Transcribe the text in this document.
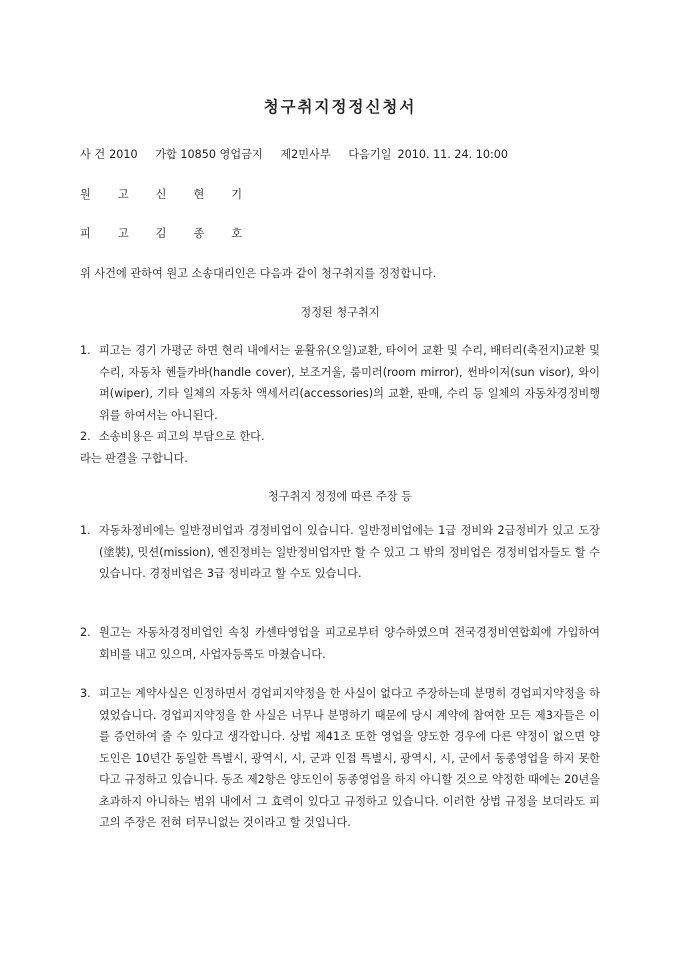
청구취지정정신청서
사 건 2010 가합 10850 영업금지 제2민사부 다음기일 2010. 11. 24. 10:00
원 고 신 현 기
피 고 김 종 호
위 사건에 관하여 원고 소송대리인은 다음과 같이 청구취지를 정정합니다.
정정된 청구취지
1. 피고는 경기 가평군 하면 현리 내에서는 윤활유(오일)교환, 타이어 교환 및 수리, 배터리(축전지)교환 및 수리, 자동차 헨들카바(handle cover), 보조거울, 룸미러(room mirror), 썬바이저(sun visor), 와이퍼(wiper), 기타 일체의 자동차 액세서리(accessories)의 교환, 판매, 수리 등 일체의 자동차경정비행위를 하여서는 아니된다.
2. 소송비용은 피고의 부담으로 한다.
라는 판결을 구합니다.
청구취지 정정에 따른 주장 등
1. 자동차정비에는 일반정비업과 경정비업이 있습니다. 일반정비업에는 1급 정비와 2급정비가 있고 도장(塗裝), 밋션(mission), 엔진정비는 일반정비업자만 할 수 있고 그 밖의 정비업은 경정비업자들도 할 수 있습니다. 경정비업은 3급 정비라고 할 수도 있습니다.
2. 원고는 자동차경정비업인 속칭 카센타영업을 피고로부터 양수하였으며 전국경정비연합회에 가입하여 회비를 내고 있으며, 사업자등록도 마쳤습니다.
3. 피고는 계약사실은 인정하면서 경업피지약정을 한 사실이 없다고 주장하는데 분명히 경업피지약정을 하였었습니다. 경업피지약정을 한 사실은 너무나 분명하기 때문에 당시 계약에 참여한 모든 제3자들은 이를 증언하여 줄 수 있다고 생각합니다. 상법 제41조 또한 영업을 양도한 경우에 다른 약정이 없으면 양도인은 10년간 동일한 특별시, 광역시, 시, 군과 인접 특별시, 광역시, 시, 군에서 동종영업을 하지 못한다고 규정하고 있습니다. 동조 제2항은 양도인이 동종영업을 하지 아니할 것으로 약정한 때에는 20년을 초과하지 아니하는 범위 내에서 그 효력이 있다고 규정하고 있습니다. 이러한 상법 규정을 보더라도 피고의 주장은 전혀 터무니없는 것이라고 할 것입니다.
